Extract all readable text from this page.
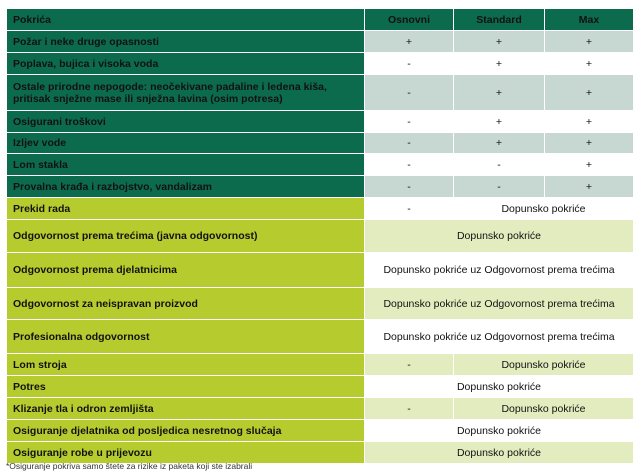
Pokrića	Osnovni	Standard	Max
Požar i neke druge opasnosti	+	+	+
Poplava, bujica i visoka voda	-	+	+
Ostale prirodne nepogode: neočekivane padaline i ledena kiša, pritisak snježne mase ili snježna lavina (osim potresa)	-	+	+
Osigurani troškovi	-	+	+
Izljev vode	-	+	+
Lom stakla	-	-	+
Provalna krađa i razbojstvo, vandalizam	-	-	+
Prekid rada	-	Dopunsko pokriće	
Odgovornost prema trećima (javna odgovornost)	Dopunsko pokriće		
Odgovornost prema djelatnicima	Dopunsko pokriće uz Odgovornost prema trećima		
Odgovornost za neispravan proizvod	Dopunsko pokriće uz Odgovornost prema trećima		
Profesionalna odgovornost	Dopunsko pokriće uz Odgovornost prema trećima		
Lom stroja	-	Dopunsko pokriće	
Potres	Dopunsko pokriće		
Klizanje tla i odron zemljišta	-	Dopunsko pokriće	
Osiguranje djelatnika od posljedica nesretnog slučaja	Dopunsko pokriće		
Osiguranje robe u prijevozu	Dopunsko pokriće		
*Osiguranje pokriva samo štete za rizike iz paketa koji ste izabrali
